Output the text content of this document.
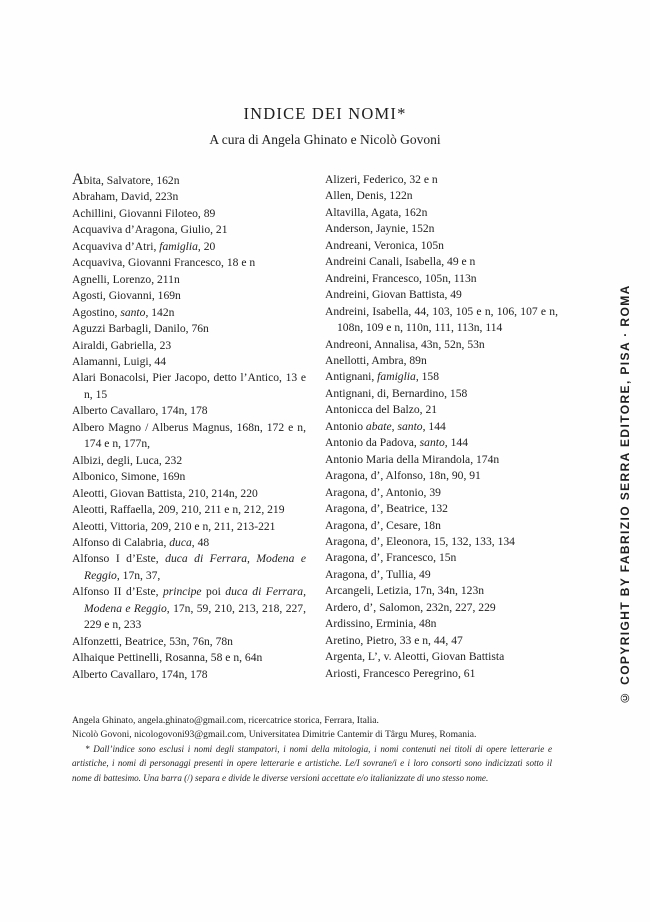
INDICE DEI NOMI*

A cura di Angela Ghinato e Nicolò Govoni

Abita, Salvatore, 162n

Abraham, David, 223n

Achillini, Giovanni Filoteo, 89

Acquaviva d’Aragona, Giulio, 21

Acquaviva d’Atri, famiglia, 20

Acquaviva, Giovanni Francesco, 18 e n

Agnelli, Lorenzo, 211n

Agosti, Giovanni, 169n

Agostino, santo, 142n

Aguzzi Barbagli, Danilo, 76n

Airaldi, Gabriella, 23

Alamanni, Luigi, 44

Alari Bonacolsi, Pier Jacopo, detto l’Antico, 13 e n, 15

Alberto Cavallaro, 174n, 178

Albero Magno / Alberus Magnus, 168n, 172 e n, 174 e n, 177n,

Albizi, degli, Luca, 232

Albonico, Simone, 169n

Aleotti, Giovan Battista, 210, 214n, 220

Aleotti, Raffaella, 209, 210, 211 e n, 212, 219

Aleotti, Vittoria, 209, 210 e n, 211, 213-221

Alfonso di Calabria, duca, 48

Alfonso I d’Este, duca di Ferrara, Modena e Reggio, 17n, 37,

Alfonso II d’Este, principe poi duca di Ferrara, Modena e Reggio, 17n, 59, 210, 213, 218, 227, 229 e n, 233

Alfonzetti, Beatrice, 53n, 76n, 78n

Alhaique Pettinelli, Rosanna, 58 e n, 64n

Alberto Cavallaro, 174n, 178

Alizeri, Federico, 32 e n

Allen, Denis, 122n

Altavilla, Agata, 162n

Anderson, Jaynie, 152n

Andreani, Veronica, 105n

Andreini Canali, Isabella, 49 e n

Andreini, Francesco, 105n, 113n

Andreini, Giovan Battista, 49

Andreini, Isabella, 44, 103, 105 e n, 106, 107 e n, 108n, 109 e n, 110n, 111, 113n, 114

Andreoni, Annalisa, 43n, 52n, 53n

Anellotti, Ambra, 89n

Antignani, famiglia, 158

Antignani, di, Bernardino, 158

Antonicca del Balzo, 21

Antonio abate, santo, 144

Antonio da Padova, santo, 144

Antonio Maria della Mirandola, 174n

Aragona, d’, Alfonso, 18n, 90, 91

Aragona, d’, Antonio, 39

Aragona, d’, Beatrice, 132

Aragona, d’, Cesare, 18n

Aragona, d’, Eleonora, 15, 132, 133, 134

Aragona, d’, Francesco, 15n

Aragona, d’, Tullia, 49

Arcangeli, Letizia, 17n, 34n, 123n

Ardero, d’, Salomon, 232n, 227, 229

Ardissino, Erminia, 48n

Aretino, Pietro, 33 e n, 44, 47

Argenta, L’, v. Aleotti, Giovan Battista

Ariosti, Francesco Peregrino, 61

Angela Ghinato, angela.ghinato@gmail.com, ricercatrice storica, Ferrara, Italia.

Nicolò Govoni, nicologovoni93@gmail.com, Universitatea Dimitrie Cantemir di Târgu Mureș, Romania.

* Dall’indice sono esclusi i nomi degli stampatori, i nomi della mitologia, i nomi contenuti nei titoli di opere letterarie e artistiche, i nomi di personaggi presenti in opere letterarie e artistiche. Le/I sovrane/i e i loro consorti sono indicizzati sotto il nome di battesimo. Una barra (/) separa e divide le diverse versioni accettate e/o italianizzate di uno stesso nome.

© COPYRIGHT BY FABRIZIO SERRA EDITORE, PISA · ROMA
